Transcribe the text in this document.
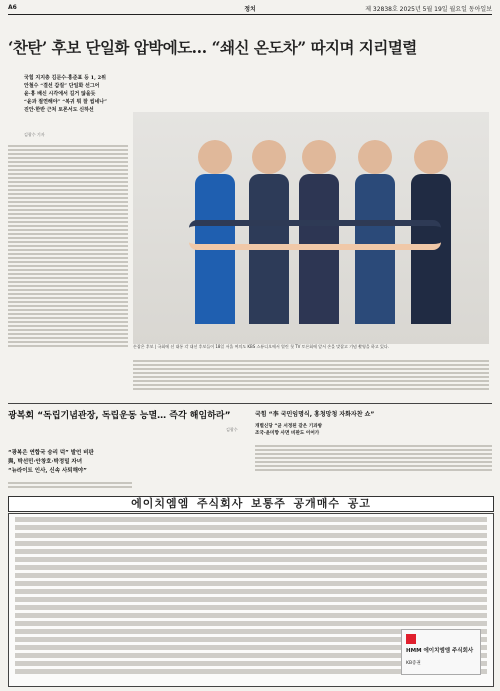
A6	정치	제 32838호 2025년 5월 19일 월요일 동아일보
‘찬탄’ 후보 단일화 압박에도… “쇄신 온도차” 따지며 지리멸렬
국힘 지지층 김문수·홍준표 등 1, 2위
안철수 “결선 갑질” 단일화 선그어
윤·홍 배신 시각에서 길거 않을듯
“윤과 절연해야” “복귀 뭐 잘 씹네나”
진안·한반 근처 토론서도 신하선
김광수 기자
손잡은 후보 | 국회에 선 대통 각 대선 후보들이 18일 서울 여의도 KBS 스튜디오에서 열린 첫 TV 토론회에 앞서 손을 맞잡고 기념 촬영을 하고 있다.
광복회 “독립기념관장, 독립운동 능멸… 즉각 해임하라”
김광수
“광복은 연합국 승리 덕” 발언 비판
與, 박선민·안창호·박정밀 자녀
“뉴라이트 인사, 신속 사퇴해야”
국힘 “李 국민임명식, 홍청망청 자화자찬 쇼”
개별신당 “균 서정된 같은 기과방
조국·윤미향 사면 비판도 이어가
에이치엠엠 주식회사 보통주 공개매수 공고
HMM 에이치엠엠 주식회사
KB증권
